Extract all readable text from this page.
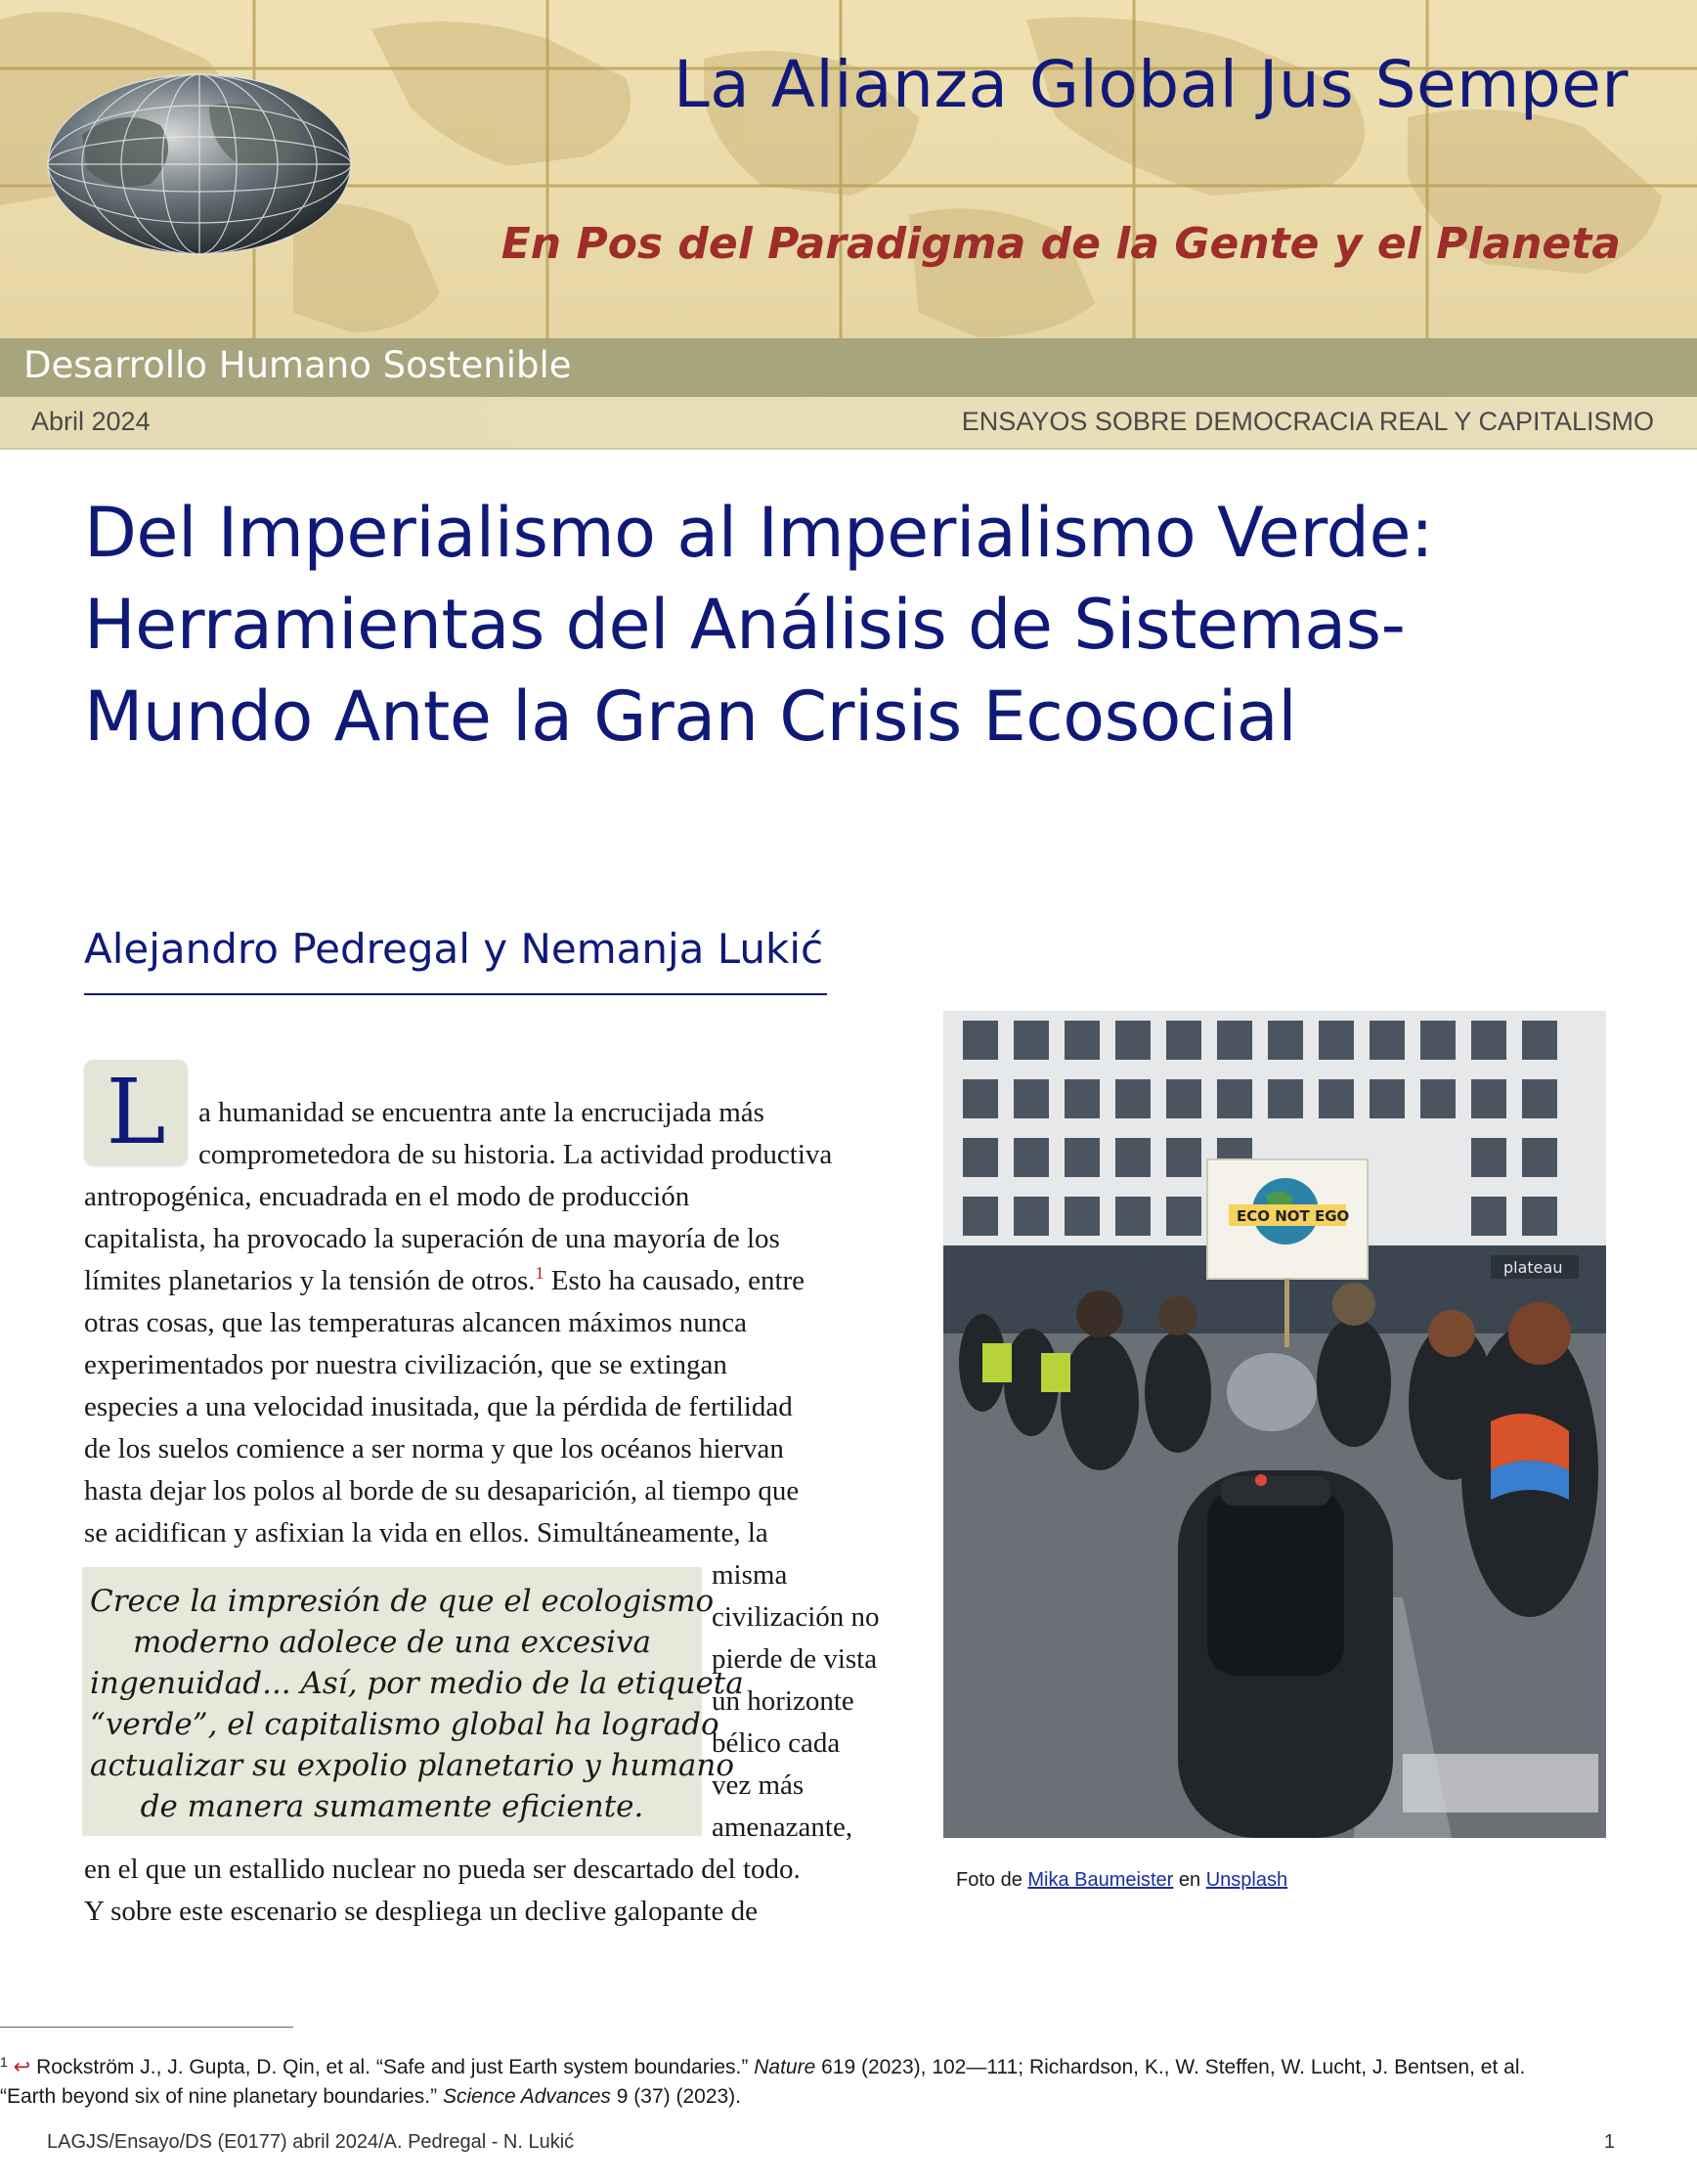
La Alianza Global Jus Semper
En Pos del Paradigma de la Gente y el Planeta
Desarrollo Humano Sostenible
Abril 2024	ENSAYOS SOBRE DEMOCRACIA REAL Y CAPITALISMO
Del Imperialismo al Imperialismo Verde:
Herramientas del Análisis de Sistemas-
Mundo Ante la Gran Crisis Ecosocial
Alejandro Pedregal y Nemanja Lukić
L	a humanidad se encuentra ante la encrucijada más
comprometedora de su historia. La actividad productiva
antropogénica, encuadrada en el modo de producción
capitalista, ha provocado la superación de una mayoría de los
límites planetarios y la tensión de otros.$^1$ Esto ha causado, entre
otras cosas, que las temperaturas alcancen máximos nunca
experimentados por nuestra civilización, que se extingan
especies a una velocidad inusitada, que la pérdida de fertilidad
de los suelos comience a ser norma y que los océanos hiervan
hasta dejar los polos al borde de su desaparición, al tiempo que
se acidifican y asfixian la vida en ellos. Simultáneamente, la
Crece la impresión de que el ecologismo
moderno adolece de una excesiva
ingenuidad... Así, por medio de la etiqueta
“verde”, el capitalismo global ha logrado
actualizar su expolio planetario y humano
de manera sumamente eficiente.
misma
civilización no
pierde de vista
un horizonte
bélico cada
vez más
amenazante,
en el que un estallido nuclear no pueda ser descartado del todo.
Y sobre este escenario se despliega un declive galopante de
plateau
ECO NOT EGO
Foto de Mika Baumeister en Unsplash
$^1$ ↩ Rockström J., J. Gupta, D. Qin, et al. “Safe and just Earth system boundaries.” Nature 619 (2023), 102—111; Richardson, K., W. Steffen, W. Lucht, J. Bentsen, et al.
“Earth beyond six of nine planetary boundaries.” Science Advances 9 (37) (2023).
LAGJS/Ensayo/DS (E0177) abril 2024/A. Pedregal - N. Lukić	1
